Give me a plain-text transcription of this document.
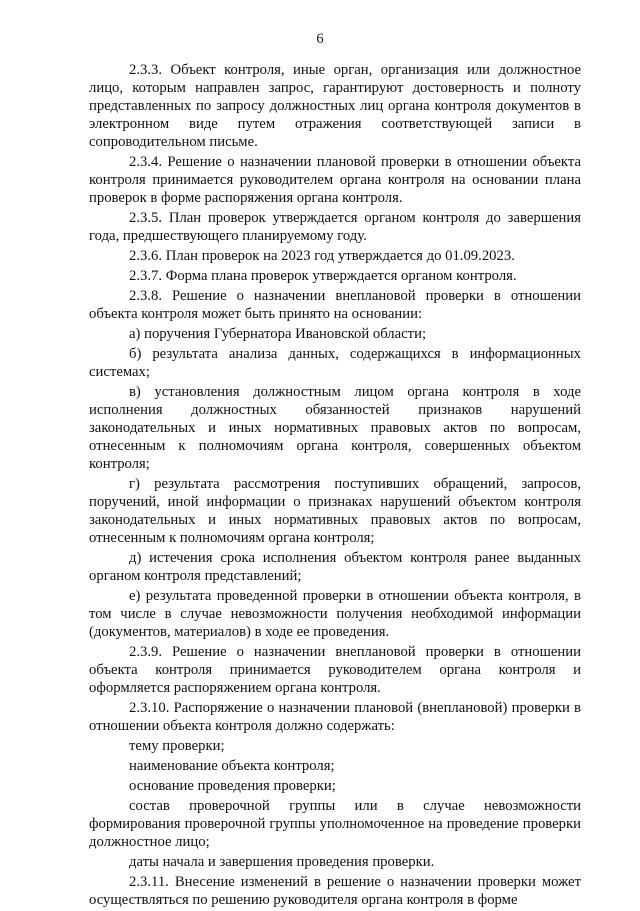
6

2.3.3. Объект контроля, иные орган, организация или должностное лицо, которым направлен запрос, гарантируют достоверность и полноту представленных по запросу должностных лиц органа контроля документов в электронном виде путем отражения соответствующей записи в сопроводительном письме.

2.3.4. Решение о назначении плановой проверки в отношении объекта контроля принимается руководителем органа контроля на основании плана проверок в форме распоряжения органа контроля.

2.3.5. План проверок утверждается органом контроля до завершения года, предшествующего планируемому году.

2.3.6. План проверок на 2023 год утверждается до 01.09.2023.

2.3.7. Форма плана проверок утверждается органом контроля.

2.3.8. Решение о назначении внеплановой проверки в отношении объекта контроля может быть принято на основании:

а) поручения Губернатора Ивановской области;

б) результата анализа данных, содержащихся в информационных системах;

в) установления должностным лицом органа контроля в ходе исполнения должностных обязанностей признаков нарушений законодательных и иных нормативных правовых актов по вопросам, отнесенным к полномочиям органа контроля, совершенных объектом контроля;

г) результата рассмотрения поступивших обращений, запросов, поручений, иной информации о признаках нарушений объектом контроля законодательных и иных нормативных правовых актов по вопросам, отнесенным к полномочиям органа контроля;

д) истечения срока исполнения объектом контроля ранее выданных органом контроля представлений;

е) результата проведенной проверки в отношении объекта контроля, в том числе в случае невозможности получения необходимой информации (документов, материалов) в ходе ее проведения.

2.3.9. Решение о назначении внеплановой проверки в отношении объекта контроля принимается руководителем органа контроля и оформляется распоряжением органа контроля.

2.3.10. Распоряжение о назначении плановой (внеплановой) проверки в отношении объекта контроля должно содержать:

тему проверки;

наименование объекта контроля;

основание проведения проверки;

состав проверочной группы или в случае невозможности формирования проверочной группы уполномоченное на проведение проверки должностное лицо;

даты начала и завершения проведения проверки.

2.3.11. Внесение изменений в решение о назначении проверки может осуществляться по решению руководителя органа контроля в форме
